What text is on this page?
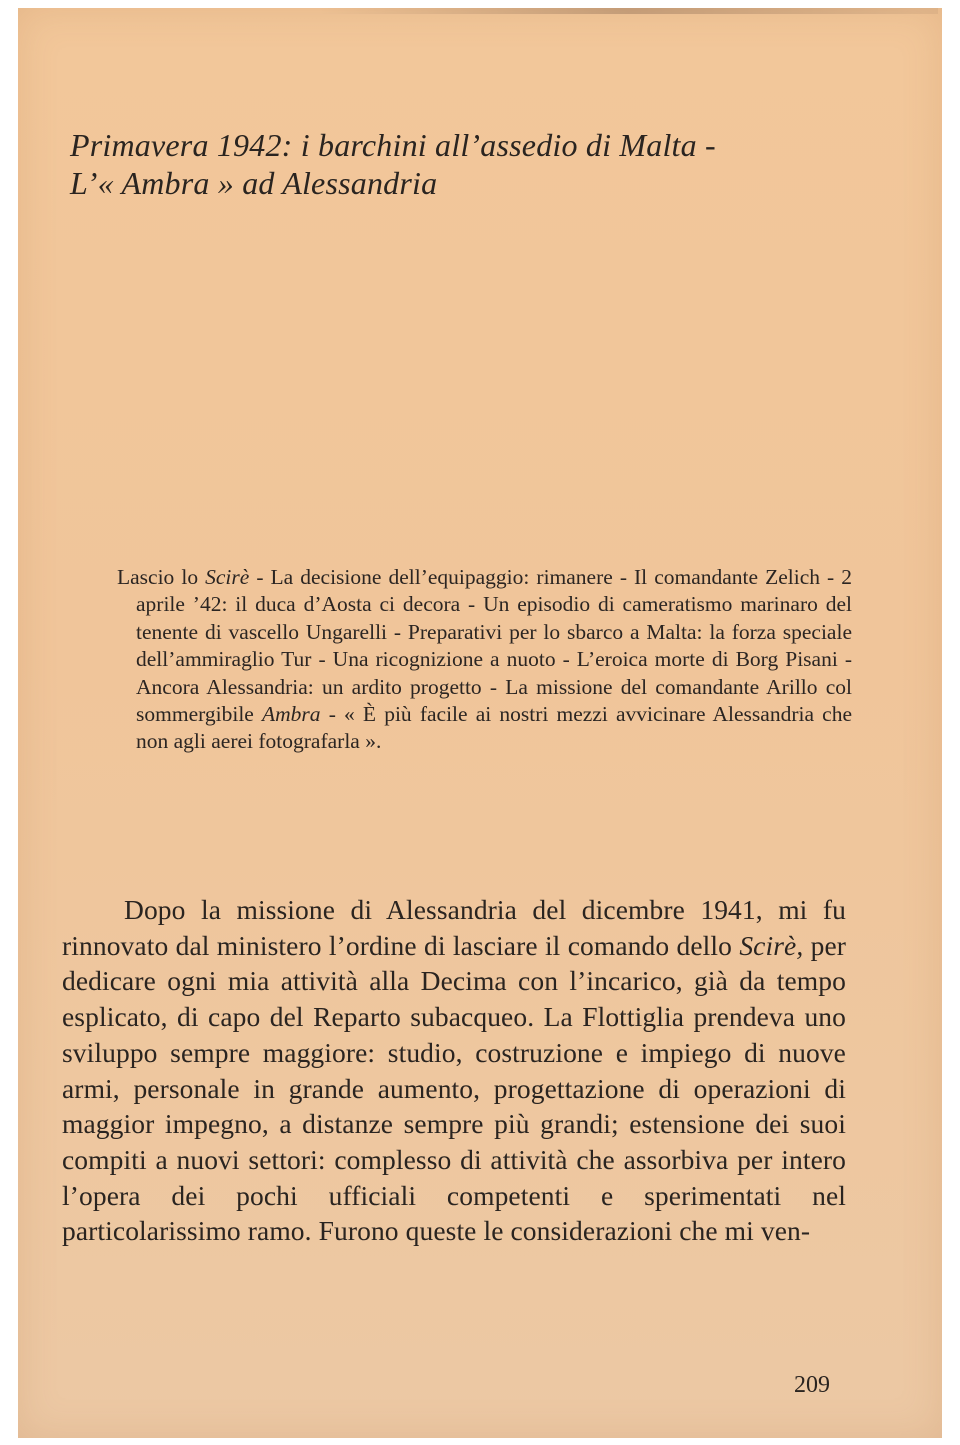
Primavera 1942: i barchini all’assedio di Malta -
L’« Ambra » ad Alessandria

Lascio lo Scirè - La decisione dell’equipaggio: rimanere - Il comandante Zelich - 2 aprile ’42: il duca d’Aosta ci decora - Un episodio di cameratismo marinaro del tenente di vascello Ungarelli - Preparativi per lo sbarco a Malta: la forza speciale dell’ammiraglio Tur - Una ricognizione a nuoto - L’eroica morte di Borg Pisani - Ancora Alessandria: un ardito progetto - La missione del comandante Arillo col sommergibile Ambra - « È più facile ai nostri mezzi avvicinare Alessandria che non agli aerei fotografarla ».

Dopo la missione di Alessandria del dicembre 1941, mi fu rinnovato dal ministero l’ordine di lasciare il comando dello Scirè, per dedicare ogni mia attività alla Decima con l’incarico, già da tempo esplicato, di capo del Reparto subacqueo. La Flottiglia prendeva uno sviluppo sempre maggiore: studio, costruzione e impiego di nuove armi, personale in grande aumento, progettazione di operazioni di maggior impegno, a distanze sempre più grandi; estensione dei suoi compiti a nuovi settori: complesso di attività che assorbiva per intero l’opera dei pochi ufficiali competenti e sperimentati nel particolarissimo ramo. Furono queste le considerazioni che mi ven-

209
